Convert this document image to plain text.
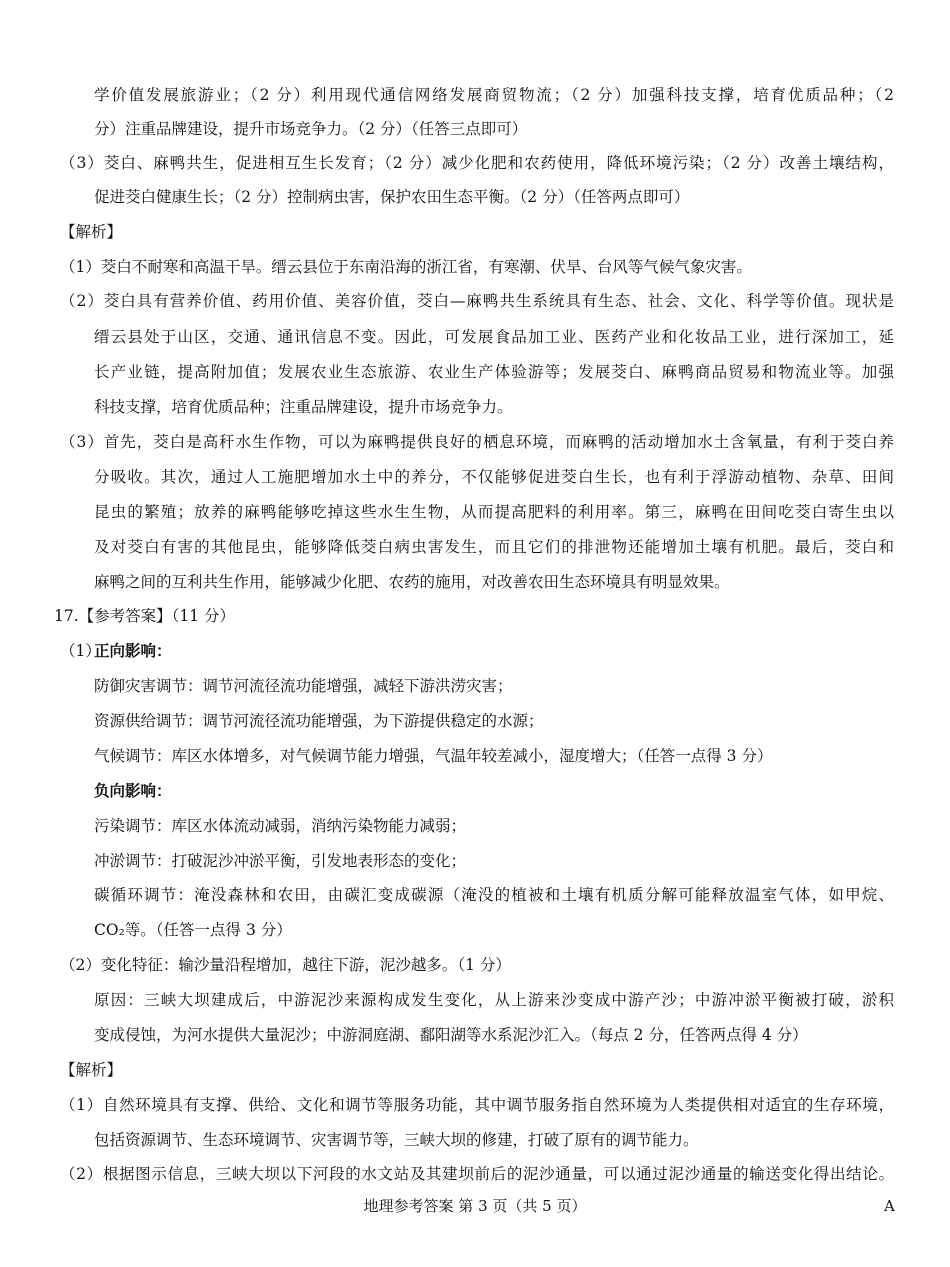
学价值发展旅游业；（2 分）利用现代通信网络发展商贸物流；（2 分）加强科技支撑，培育优质品种；（2
分）注重品牌建设，提升市场竞争力。（2 分）（任答三点即可）
（3）茭白、麻鸭共生，促进相互生长发育；（2 分）减少化肥和农药使用，降低环境污染；（2 分）改善土壤结构，
促进茭白健康生长；（2 分）控制病虫害，保护农田生态平衡。（2 分）（任答两点即可）
【解析】
（1）茭白不耐寒和高温干旱。缙云县位于东南沿海的浙江省，有寒潮、伏旱、台风等气候气象灾害。
（2）茭白具有营养价值、药用价值、美容价值，茭白—麻鸭共生系统具有生态、社会、文化、科学等价值。现状是
缙云县处于山区，交通、通讯信息不变。因此，可发展食品加工业、医药产业和化妆品工业，进行深加工，延
长产业链，提高附加值；发展农业生态旅游、农业生产体验游等；发展茭白、麻鸭商品贸易和物流业等。加强
科技支撑，培育优质品种；注重品牌建设，提升市场竞争力。
（3）首先，茭白是高秆水生作物，可以为麻鸭提供良好的栖息环境，而麻鸭的活动增加水土含氧量，有利于茭白养
分吸收。其次，通过人工施肥增加水土中的养分，不仅能够促进茭白生长，也有利于浮游动植物、杂草、田间
昆虫的繁殖；放养的麻鸭能够吃掉这些水生生物，从而提高肥料的利用率。第三，麻鸭在田间吃茭白寄生虫以
及对茭白有害的其他昆虫，能够降低茭白病虫害发生，而且它们的排泄物还能增加土壤有机肥。最后，茭白和
麻鸭之间的互利共生作用，能够减少化肥、农药的施用，对改善农田生态环境具有明显效果。
17.【参考答案】（11 分）
（1）
正向影响：
防御灾害调节：调节河流径流功能增强，减轻下游洪涝灾害；
资源供给调节：调节河流径流功能增强，为下游提供稳定的水源；
气候调节：库区水体增多，对气候调节能力增强，气温年较差减小，湿度增大；（任答一点得 3 分）
负向影响：
污染调节：库区水体流动减弱，消纳污染物能力减弱；
冲淤调节：打破泥沙冲淤平衡，引发地表形态的变化；
碳循环调节：淹没森林和农田，由碳汇变成碳源（淹没的植被和土壤有机质分解可能释放温室气体，如甲烷、
CO₂等。（任答一点得 3 分）
（2）变化特征：输沙量沿程增加，越往下游，泥沙越多。（1 分）
原因：三峡大坝建成后，中游泥沙来源构成发生变化，从上游来沙变成中游产沙；中游冲淤平衡被打破，淤积
变成侵蚀，为河水提供大量泥沙；中游洞庭湖、鄱阳湖等水系泥沙汇入。（每点 2 分，任答两点得 4 分）
【解析】
（1）自然环境具有支撑、供给、文化和调节等服务功能，其中调节服务指自然环境为人类提供相对适宜的生存环境，
包括资源调节、生态环境调节、灾害调节等，三峡大坝的修建，打破了原有的调节能力。
（2）根据图示信息，三峡大坝以下河段的水文站及其建坝前后的泥沙通量，可以通过泥沙通量的输送变化得出结论。
地理参考答案 第 3 页（共 5 页）	A
